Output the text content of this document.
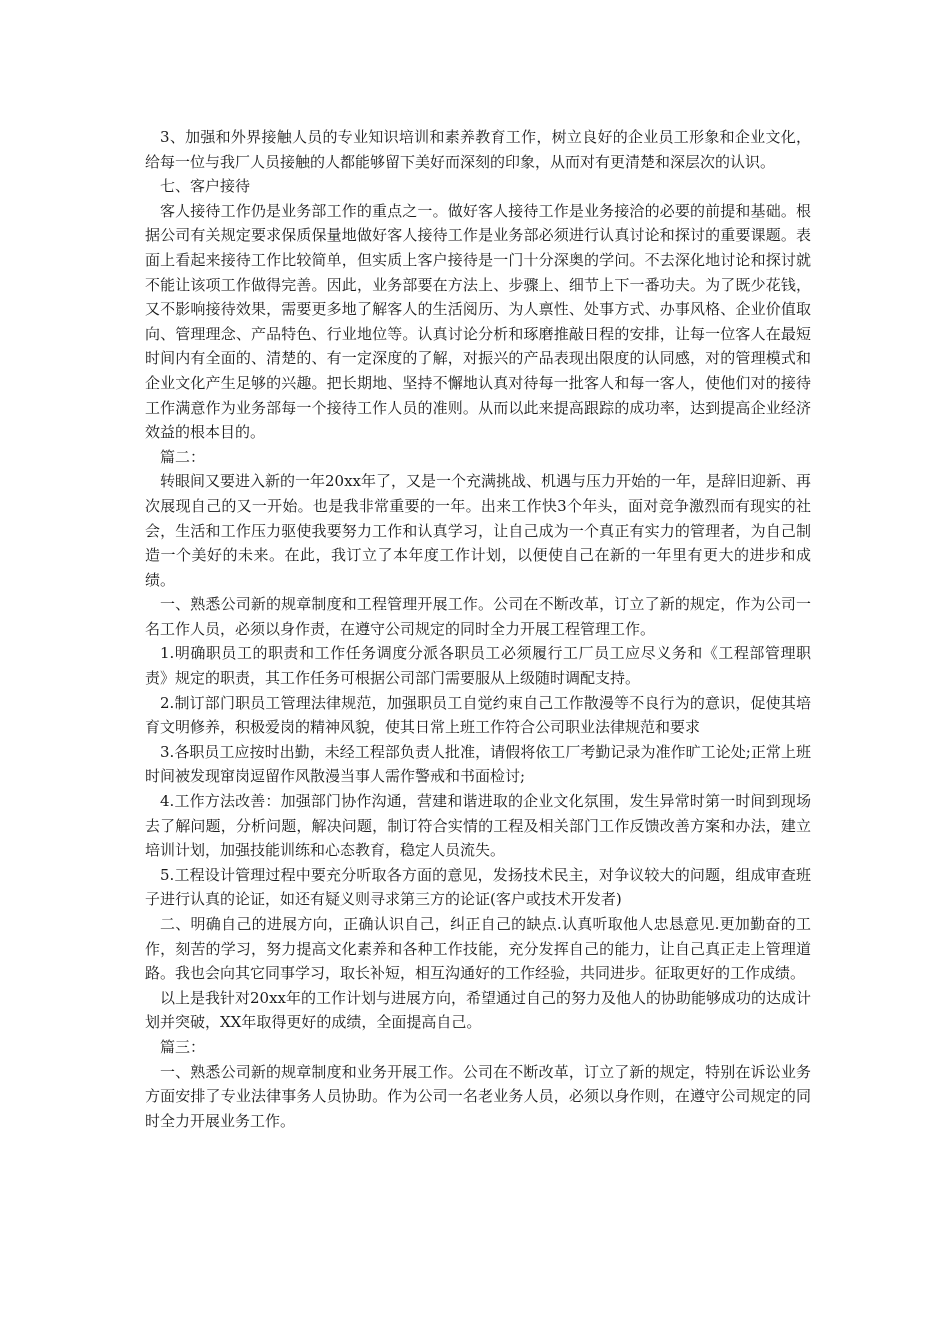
3、加强和外界接触人员的专业知识培训和素养教育工作，树立良好的企业员工形象和企业文化，给每一位与我厂人员接触的人都能够留下美好而深刻的印象，从而对有更清楚和深层次的认识。

七、客户接待

客人接待工作仍是业务部工作的重点之一。做好客人接待工作是业务接洽的必要的前提和基础。根据公司有关规定要求保质保量地做好客人接待工作是业务部必须进行认真讨论和探讨的重要课题。表面上看起来接待工作比较简单，但实质上客户接待是一门十分深奥的学问。不去深化地讨论和探讨就不能让该项工作做得完善。因此，业务部要在方法上、步骤上、细节上下一番功夫。为了既少花钱，又不影响接待效果，需要更多地了解客人的生活阅历、为人禀性、处事方式、办事风格、企业价值取向、管理理念、产品特色、行业地位等。认真讨论分析和琢磨推敲日程的安排，让每一位客人在最短时间内有全面的、清楚的、有一定深度的了解，对振兴的产品表现出限度的认同感，对的管理模式和企业文化产生足够的兴趣。把长期地、坚持不懈地认真对待每一批客人和每一客人，使他们对的接待工作满意作为业务部每一个接待工作人员的准则。从而以此来提高跟踪的成功率，达到提高企业经济效益的根本目的。

篇二：

转眼间又要进入新的一年20xx年了，又是一个充满挑战、机遇与压力开始的一年，是辞旧迎新、再次展现自己的又一开始。也是我非常重要的一年。出来工作快3个年头，面对竞争激烈而有现实的社会，生活和工作压力驱使我要努力工作和认真学习，让自己成为一个真正有实力的管理者，为自己制造一个美好的未来。在此，我订立了本年度工作计划，以便使自己在新的一年里有更大的进步和成绩。

一、熟悉公司新的规章制度和工程管理开展工作。公司在不断改革，订立了新的规定，作为公司一名工作人员，必须以身作责，在遵守公司规定的同时全力开展工程管理工作。

1.明确职员工的职责和工作任务调度分派各职员工必须履行工厂员工应尽义务和《工程部管理职责》规定的职责，其工作任务可根据公司部门需要服从上级随时调配支持。

2.制订部门职员工管理法律规范，加强职员工自觉约束自己工作散漫等不良行为的意识，促使其培育文明修养，积极爱岗的精神风貌，使其日常上班工作符合公司职业法律规范和要求

3.各职员工应按时出勤，未经工程部负责人批准，请假将依工厂考勤记录为准作旷工论处;正常上班时间被发现窜岗逗留作风散漫当事人需作警戒和书面检讨;

4.工作方法改善：加强部门协作沟通，营建和谐进取的企业文化氛围，发生异常时第一时间到现场去了解问题，分析问题，解决问题，制订符合实情的工程及相关部门工作反馈改善方案和办法，建立培训计划，加强技能训练和心态教育，稳定人员流失。

5.工程设计管理过程中要充分听取各方面的意见，发扬技术民主，对争议较大的问题，组成审查班子进行认真的论证，如还有疑义则寻求第三方的论证(客户或技术开发者)

二、明确自己的进展方向，正确认识自己，纠正自己的缺点.认真听取他人忠恳意见.更加勤奋的工作，刻苦的学习，努力提高文化素养和各种工作技能，充分发挥自己的能力，让自己真正走上管理道路。我也会向其它同事学习，取长补短，相互沟通好的工作经验，共同进步。征取更好的工作成绩。

以上是我针对20xx年的工作计划与进展方向，希望通过自己的努力及他人的协助能够成功的达成计划并突破，XX年取得更好的成绩，全面提高自己。

篇三：

一、熟悉公司新的规章制度和业务开展工作。公司在不断改革，订立了新的规定，特别在诉讼业务方面安排了专业法律事务人员协助。作为公司一名老业务人员，必须以身作则，在遵守公司规定的同时全力开展业务工作。
